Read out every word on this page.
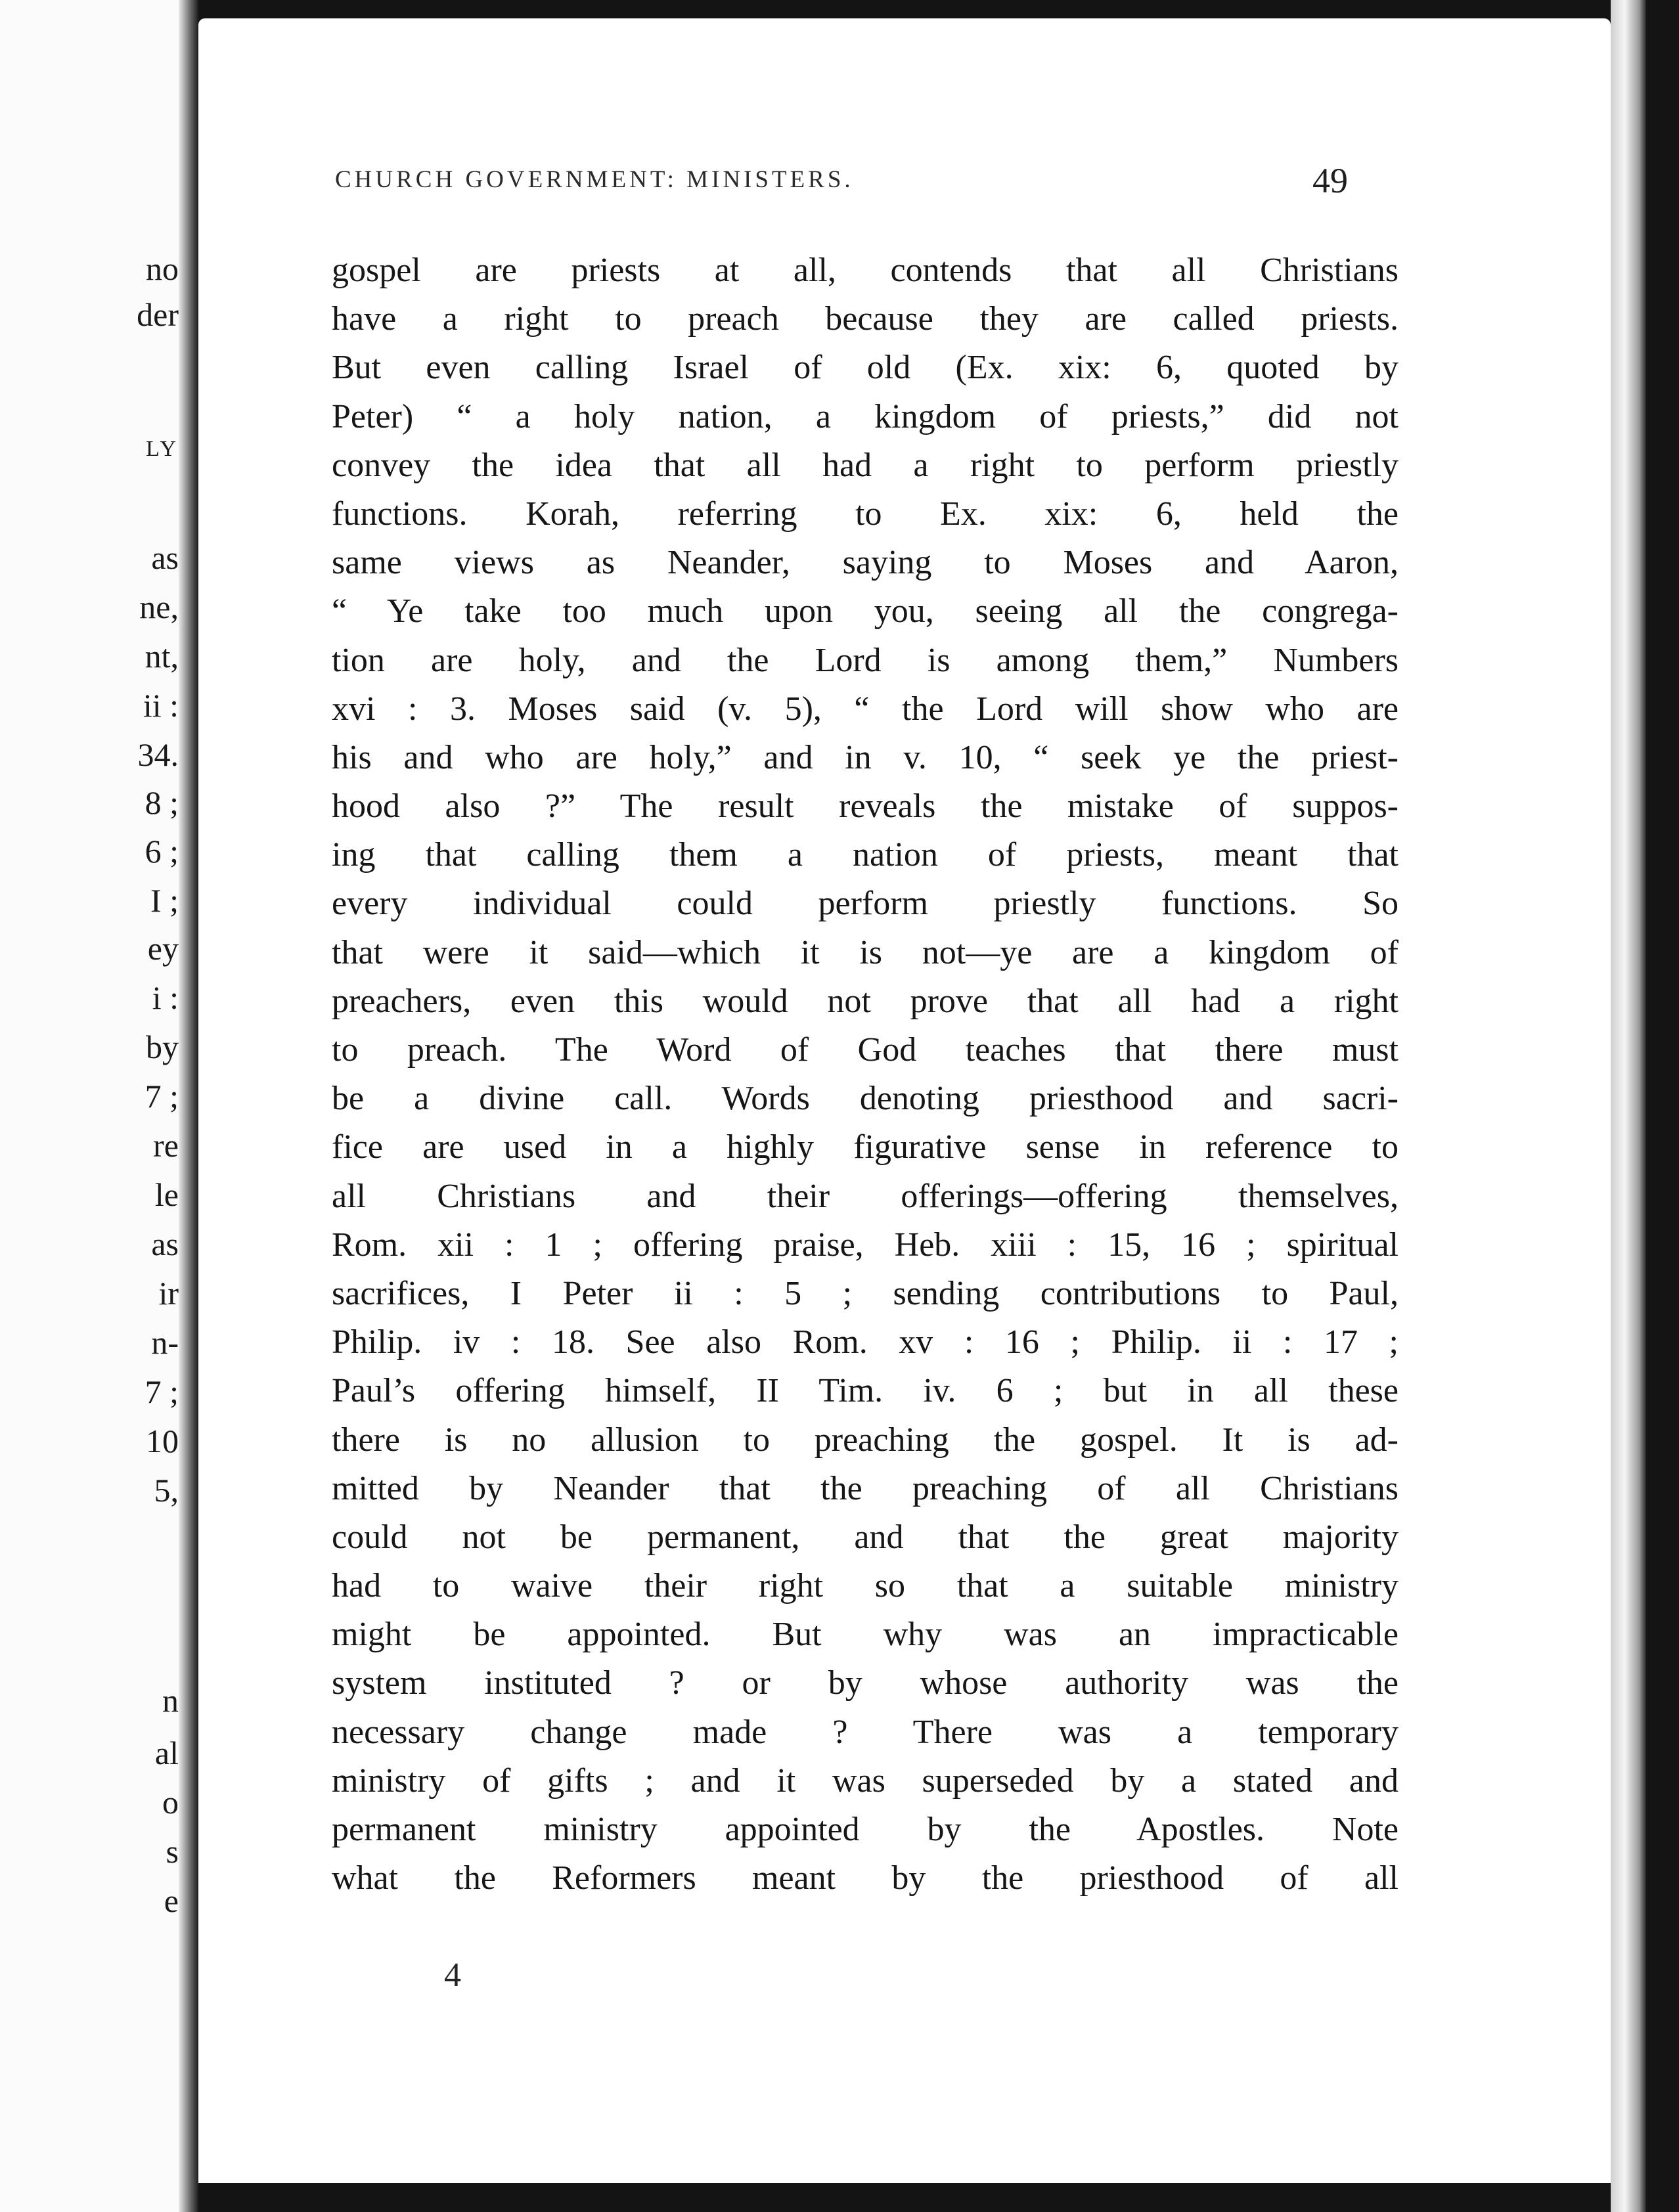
no
der
LY
as
ne,
nt,
ii :
34.
8 ;
6 ;
I ;
ey
i :
by
7 ;
re
le
as
ir
n-
7 ;
10
5,
n
al
o
s
e
CHURCH GOVERNMENT: MINISTERS.	49
gospel are priests at all, contends that all Christians
have a right to preach because they are called priests.
But even calling Israel of old (Ex. xix: 6, quoted by
Peter) “ a holy nation, a kingdom of priests,” did not
convey the idea that all had a right to perform priestly
functions. Korah, referring to Ex. xix: 6, held the
same views as Neander, saying to Moses and Aaron,
“ Ye take too much upon you, seeing all the congrega-
tion are holy, and the Lord is among them,” Numbers
xvi : 3. Moses said (v. 5), “ the Lord will show who are
his and who are holy,” and in v. 10, “ seek ye the priest-
hood also ?” The result reveals the mistake of suppos-
ing that calling them a nation of priests, meant that
every individual could perform priestly functions. So
that were it said—which it is not—ye are a kingdom of
preachers, even this would not prove that all had a right
to preach. The Word of God teaches that there must
be a divine call. Words denoting priesthood and sacri-
fice are used in a highly figurative sense in reference to
all Christians and their offerings—offering themselves,
Rom. xii : 1 ; offering praise, Heb. xiii : 15, 16 ; spiritual
sacrifices, I Peter ii : 5 ; sending contributions to Paul,
Philip. iv : 18. See also Rom. xv : 16 ; Philip. ii : 17 ;
Paul’s offering himself, II Tim. iv. 6 ; but in all these
there is no allusion to preaching the gospel. It is ad-
mitted by Neander that the preaching of all Christians
could not be permanent, and that the great majority
had to waive their right so that a suitable ministry
might be appointed. But why was an impracticable
system instituted ? or by whose authority was the
necessary change made ? There was a temporary
ministry of gifts ; and it was superseded by a stated and
permanent ministry appointed by the Apostles. Note
what the Reformers meant by the priesthood of all
4
